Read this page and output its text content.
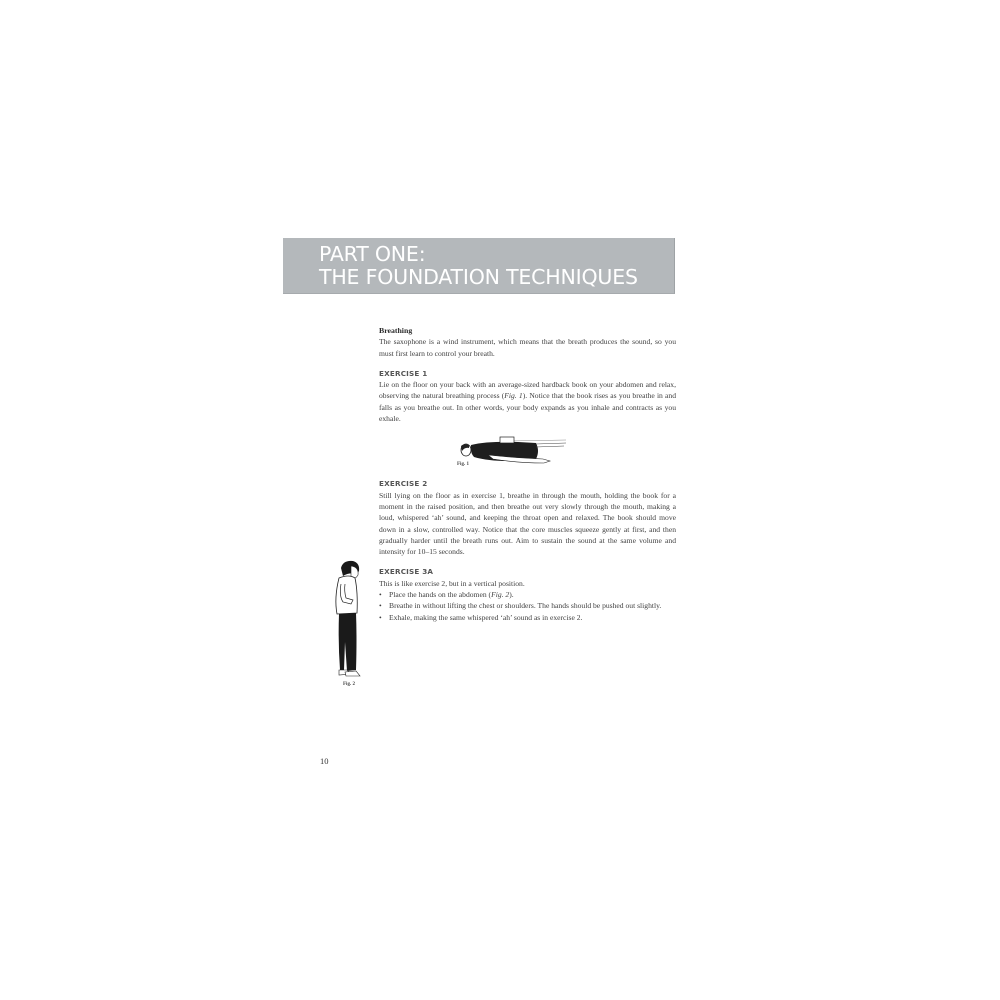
PART ONE:
THE FOUNDATION TECHNIQUES
Breathing

The saxophone is a wind instrument, which means that the breath produces the sound, so you must first learn to control your breath.

EXERCISE 1

Lie on the floor on your back with an average-sized hardback book on your abdomen and relax, observing the natural breathing process (Fig. 1). Notice that the book rises as you breathe in and falls as you breathe out. In other words, your body expands as you inhale and contracts as you exhale.

EXERCISE 2

Still lying on the floor as in exercise 1, breathe in through the mouth, holding the book for a moment in the raised position, and then breathe out very slowly through the mouth, making a loud, whispered ‘ah’ sound, and keeping the throat open and relaxed. The book should move down in a slow, controlled way. Notice that the core muscles squeeze gently at first, and then gradually harder until the breath runs out. Aim to sustain the sound at the same volume and intensity for 10–15 seconds.

EXERCISE 3A

This is like exercise 2, but in a vertical position.

• Place the hands on the abdomen (Fig. 2).
• Breathe in without lifting the chest or shoulders. The hands should be pushed out slightly.
• Exhale, making the same whispered ‘ah’ sound as in exercise 2.
Fig. 1
Fig. 2
10
